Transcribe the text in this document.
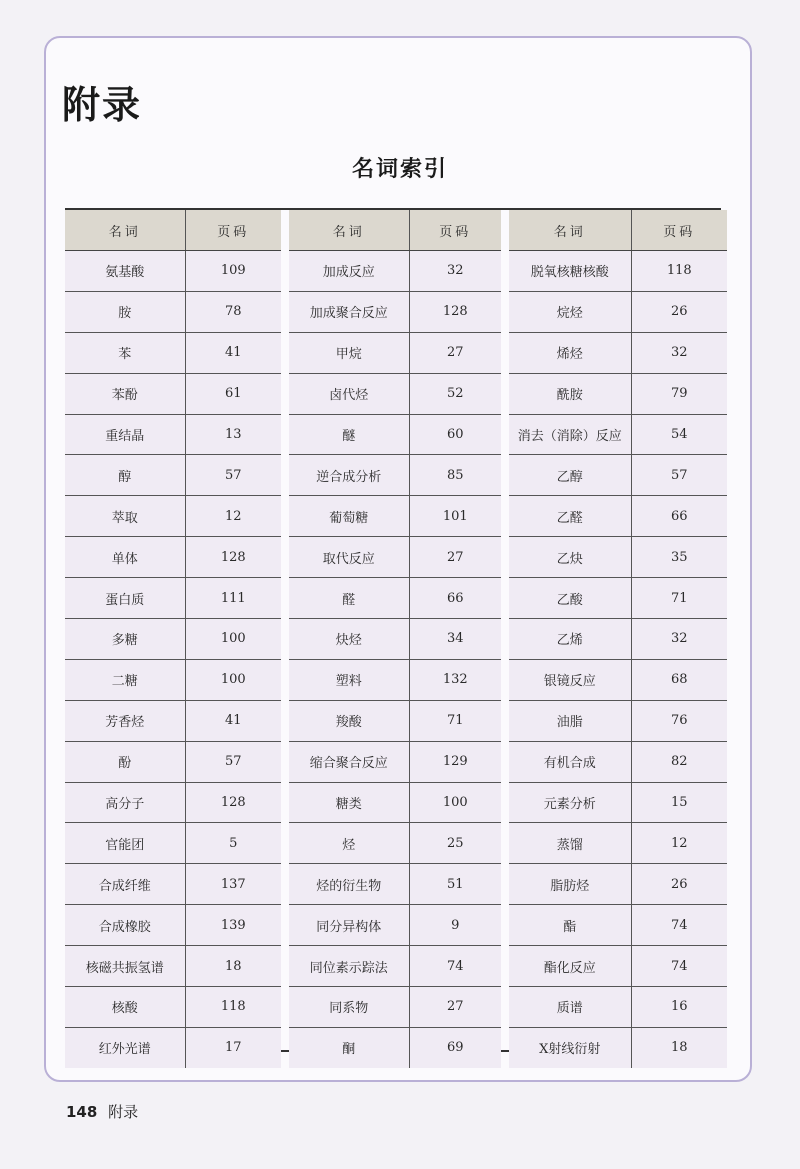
附录
名词索引
名词	页码
氨基酸	109
胺	78
苯	41
苯酚	61
重结晶	13
醇	57
萃取	12
单体	128
蛋白质	111
多糖	100
二糖	100
芳香烃	41
酚	57
高分子	128
官能团	5
合成纤维	137
合成橡胶	139
核磁共振氢谱	18
核酸	118
红外光谱	17
名词	页码
加成反应	32
加成聚合反应	128
甲烷	27
卤代烃	52
醚	60
逆合成分析	85
葡萄糖	101
取代反应	27
醛	66
炔烃	34
塑料	132
羧酸	71
缩合聚合反应	129
糖类	100
烃	25
烃的衍生物	51
同分异构体	9
同位素示踪法	74
同系物	27
酮	69
名词	页码
脱氧核糖核酸	118
烷烃	26
烯烃	32
酰胺	79
消去（消除）反应	54
乙醇	57
乙醛	66
乙炔	35
乙酸	71
乙烯	32
银镜反应	68
油脂	76
有机合成	82
元素分析	15
蒸馏	12
脂肪烃	26
酯	74
酯化反应	74
质谱	16
X射线衍射	18
148 附录
